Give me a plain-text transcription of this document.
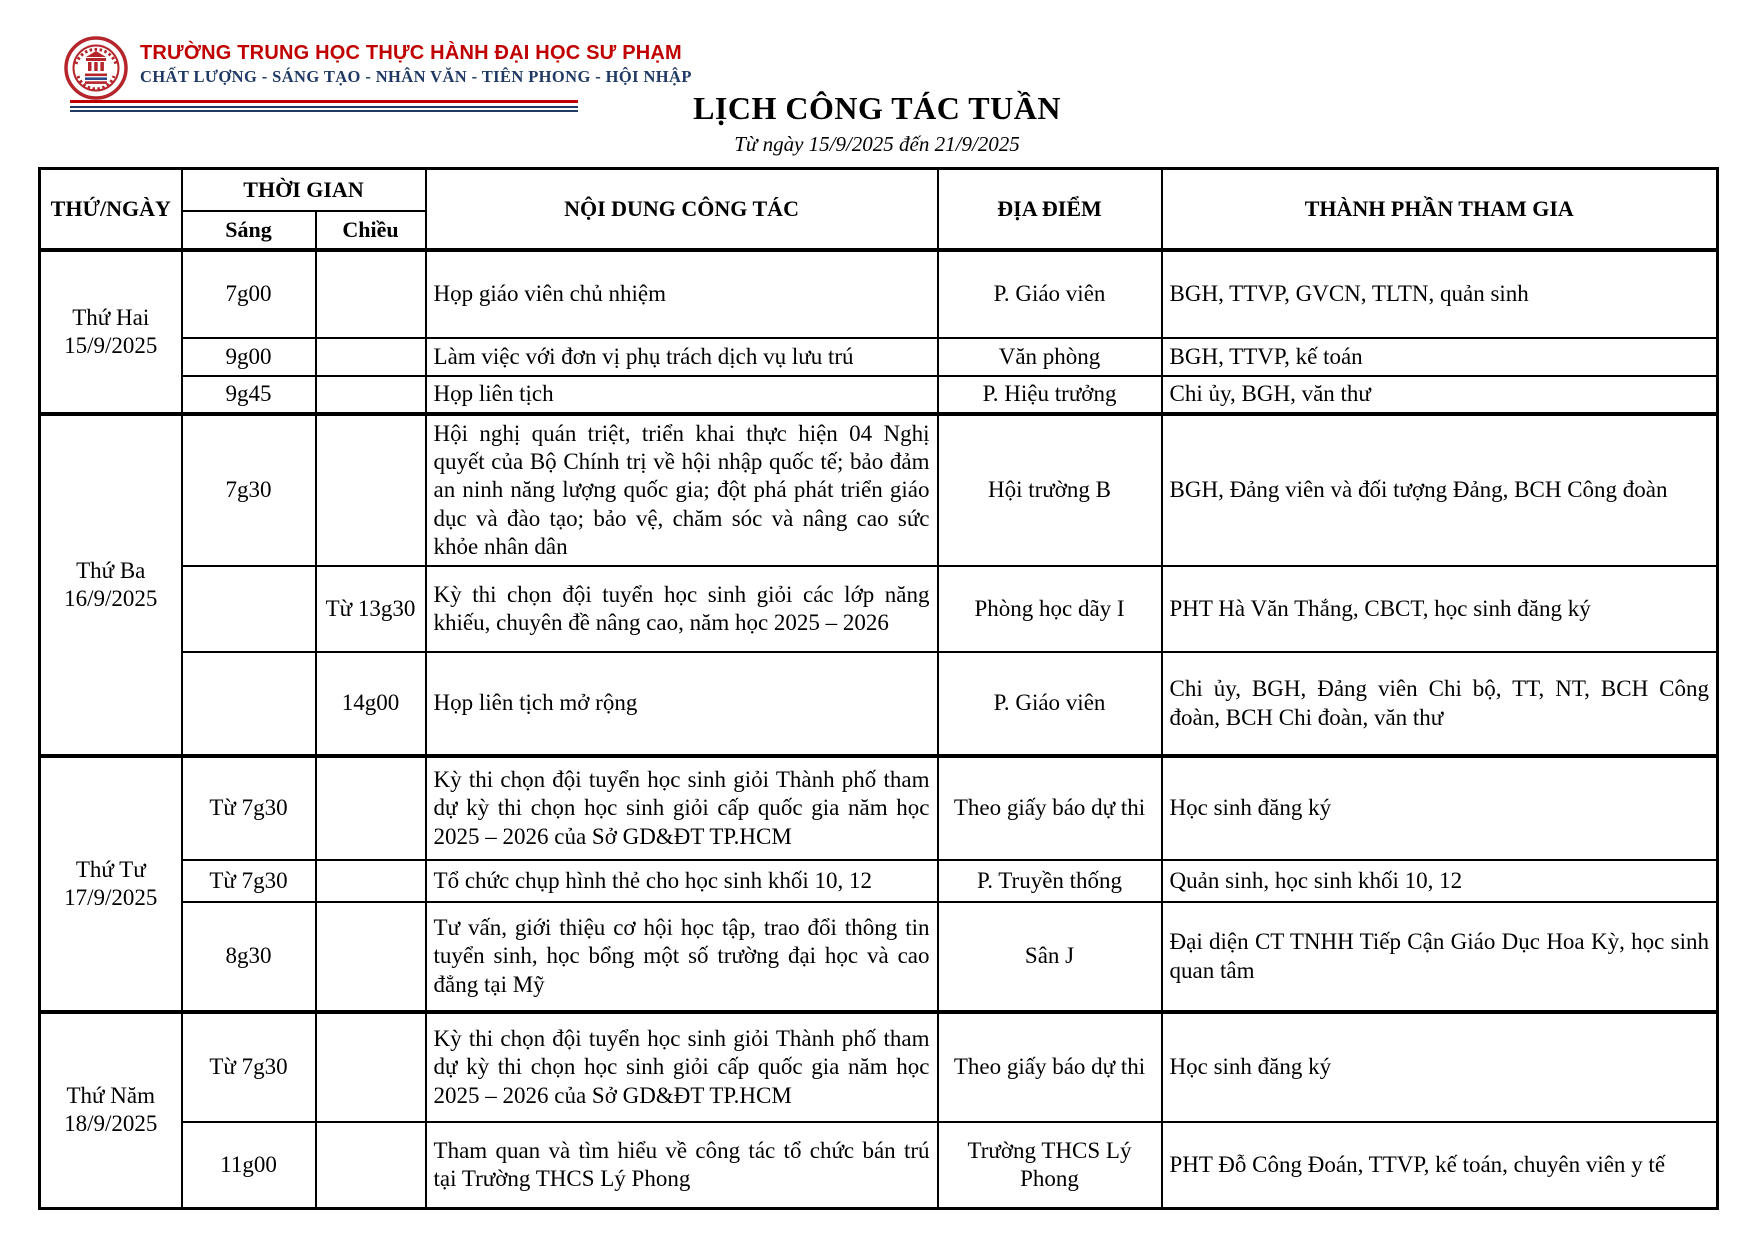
TRƯỜNG TRUNG HỌC THỰC HÀNH ĐẠI HỌC SƯ PHẠM
CHẤT LƯỢNG - SÁNG TẠO - NHÂN VĂN - TIÊN PHONG - HỘI NHẬP
LỊCH CÔNG TÁC TUẦN
Từ ngày 15/9/2025 đến 21/9/2025
THỨ/NGÀY	THỜI GIAN		NỘI DUNG CÔNG TÁC	ĐỊA ĐIỂM	THÀNH PHẦN THAM GIA
	Sáng	Chiều			

Thứ Hai
15/9/2025	7g00		Họp giáo viên chủ nhiệm	P. Giáo viên	BGH, TTVP, GVCN, TLTN, quản sinh
	9g00		Làm việc với đơn vị phụ trách dịch vụ lưu trú	Văn phòng	BGH, TTVP, kế toán
	9g45		Họp liên tịch	P. Hiệu trưởng	Chi ủy, BGH, văn thư

Thứ Ba
16/9/2025	7g30		Hội nghị quán triệt, triển khai thực hiện 04 Nghị quyết của Bộ Chính trị về hội nhập quốc tế; bảo đảm an ninh năng lượng quốc gia; đột phá phát triển giáo dục và đào tạo; bảo vệ, chăm sóc và nâng cao sức khỏe nhân dân	Hội trường B	BGH, Đảng viên và đối tượng Đảng, BCH Công đoàn
		Từ 13g30	Kỳ thi chọn đội tuyển học sinh giỏi các lớp năng khiếu, chuyên đề nâng cao, năm học 2025 – 2026	Phòng học dãy I	PHT Hà Văn Thắng, CBCT, học sinh đăng ký
		14g00	Họp liên tịch mở rộng	P. Giáo viên	Chi ủy, BGH, Đảng viên Chi bộ, TT, NT, BCH Công đoàn, BCH Chi đoàn, văn thư

Thứ Tư
17/9/2025	Từ 7g30		Kỳ thi chọn đội tuyển học sinh giỏi Thành phố tham dự kỳ thi chọn học sinh giỏi cấp quốc gia năm học 2025 – 2026 của Sở GD&ĐT TP.HCM	Theo giấy báo dự thi	Học sinh đăng ký
	Từ 7g30		Tổ chức chụp hình thẻ cho học sinh khối 10, 12	P. Truyền thống	Quản sinh, học sinh khối 10, 12
	8g30		Tư vấn, giới thiệu cơ hội học tập, trao đổi thông tin tuyển sinh, học bổng một số trường đại học và cao đẳng tại Mỹ	Sân J	Đại diện CT TNHH Tiếp Cận Giáo Dục Hoa Kỳ, học sinh quan tâm

Thứ Năm
18/9/2025	Từ 7g30		Kỳ thi chọn đội tuyển học sinh giỏi Thành phố tham dự kỳ thi chọn học sinh giỏi cấp quốc gia năm học 2025 – 2026 của Sở GD&ĐT TP.HCM	Theo giấy báo dự thi	Học sinh đăng ký
	11g00		Tham quan và tìm hiểu về công tác tổ chức bán trú tại Trường THCS Lý Phong	Trường THCS Lý Phong	PHT Đỗ Công Đoán, TTVP, kế toán, chuyên viên y tế
